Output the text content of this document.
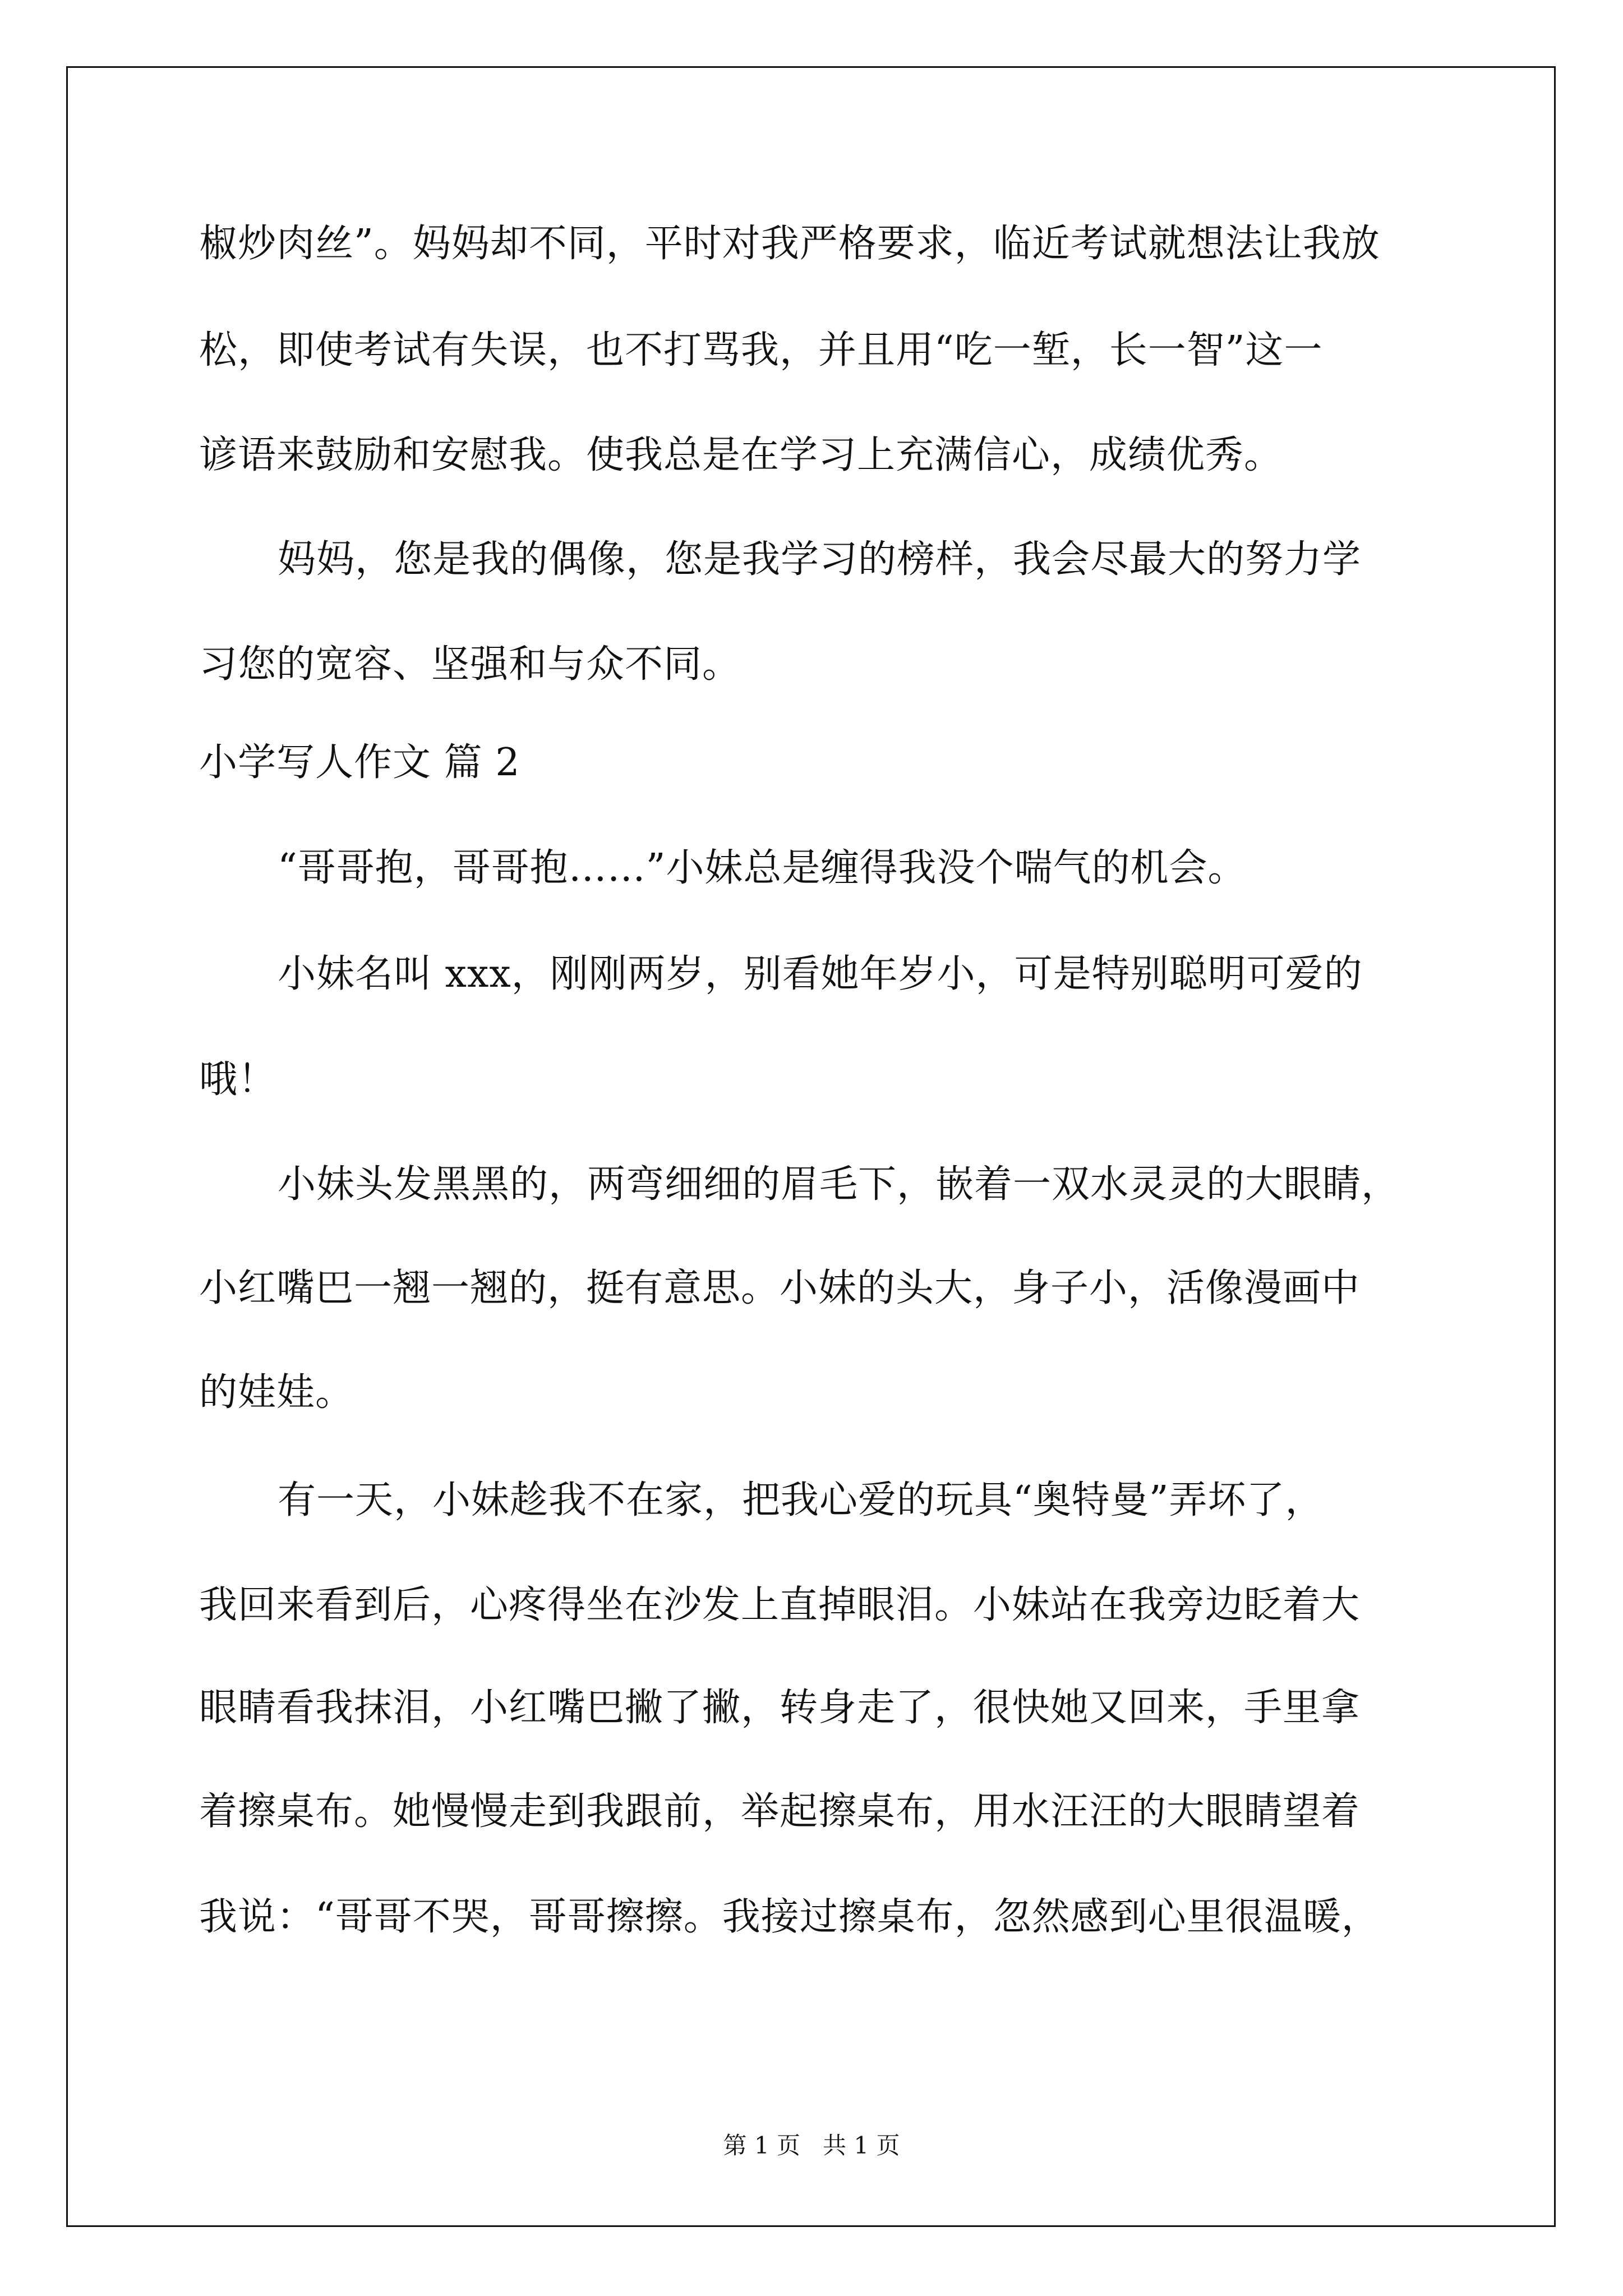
椒炒肉丝”。妈妈却不同，平时对我严格要求，临近考试就想法让我放
松，即使考试有失误，也不打骂我，并且用“吃一堑，长一智”这一
谚语来鼓励和安慰我。使我总是在学习上充满信心，成绩优秀。
妈妈，您是我的偶像，您是我学习的榜样，我会尽最大的努力学
习您的宽容、坚强和与众不同。
小学写人作文 篇 2
“哥哥抱，哥哥抱……”小妹总是缠得我没个喘气的机会。
小妹名叫 xxx，刚刚两岁，别看她年岁小，可是特别聪明可爱的
哦！
小妹头发黑黑的，两弯细细的眉毛下，嵌着一双水灵灵的大眼睛，
小红嘴巴一翘一翘的，挺有意思。小妹的头大，身子小，活像漫画中
的娃娃。
有一天，小妹趁我不在家，把我心爱的玩具“奥特曼”弄坏了，
我回来看到后，心疼得坐在沙发上直掉眼泪。小妹站在我旁边眨着大
眼睛看我抹泪，小红嘴巴撇了撇，转身走了，很快她又回来，手里拿
着擦桌布。她慢慢走到我跟前，举起擦桌布，用水汪汪的大眼睛望着
我说：“哥哥不哭，哥哥擦擦。我接过擦桌布，忽然感到心里很温暖，
第 1 页   共 1 页
